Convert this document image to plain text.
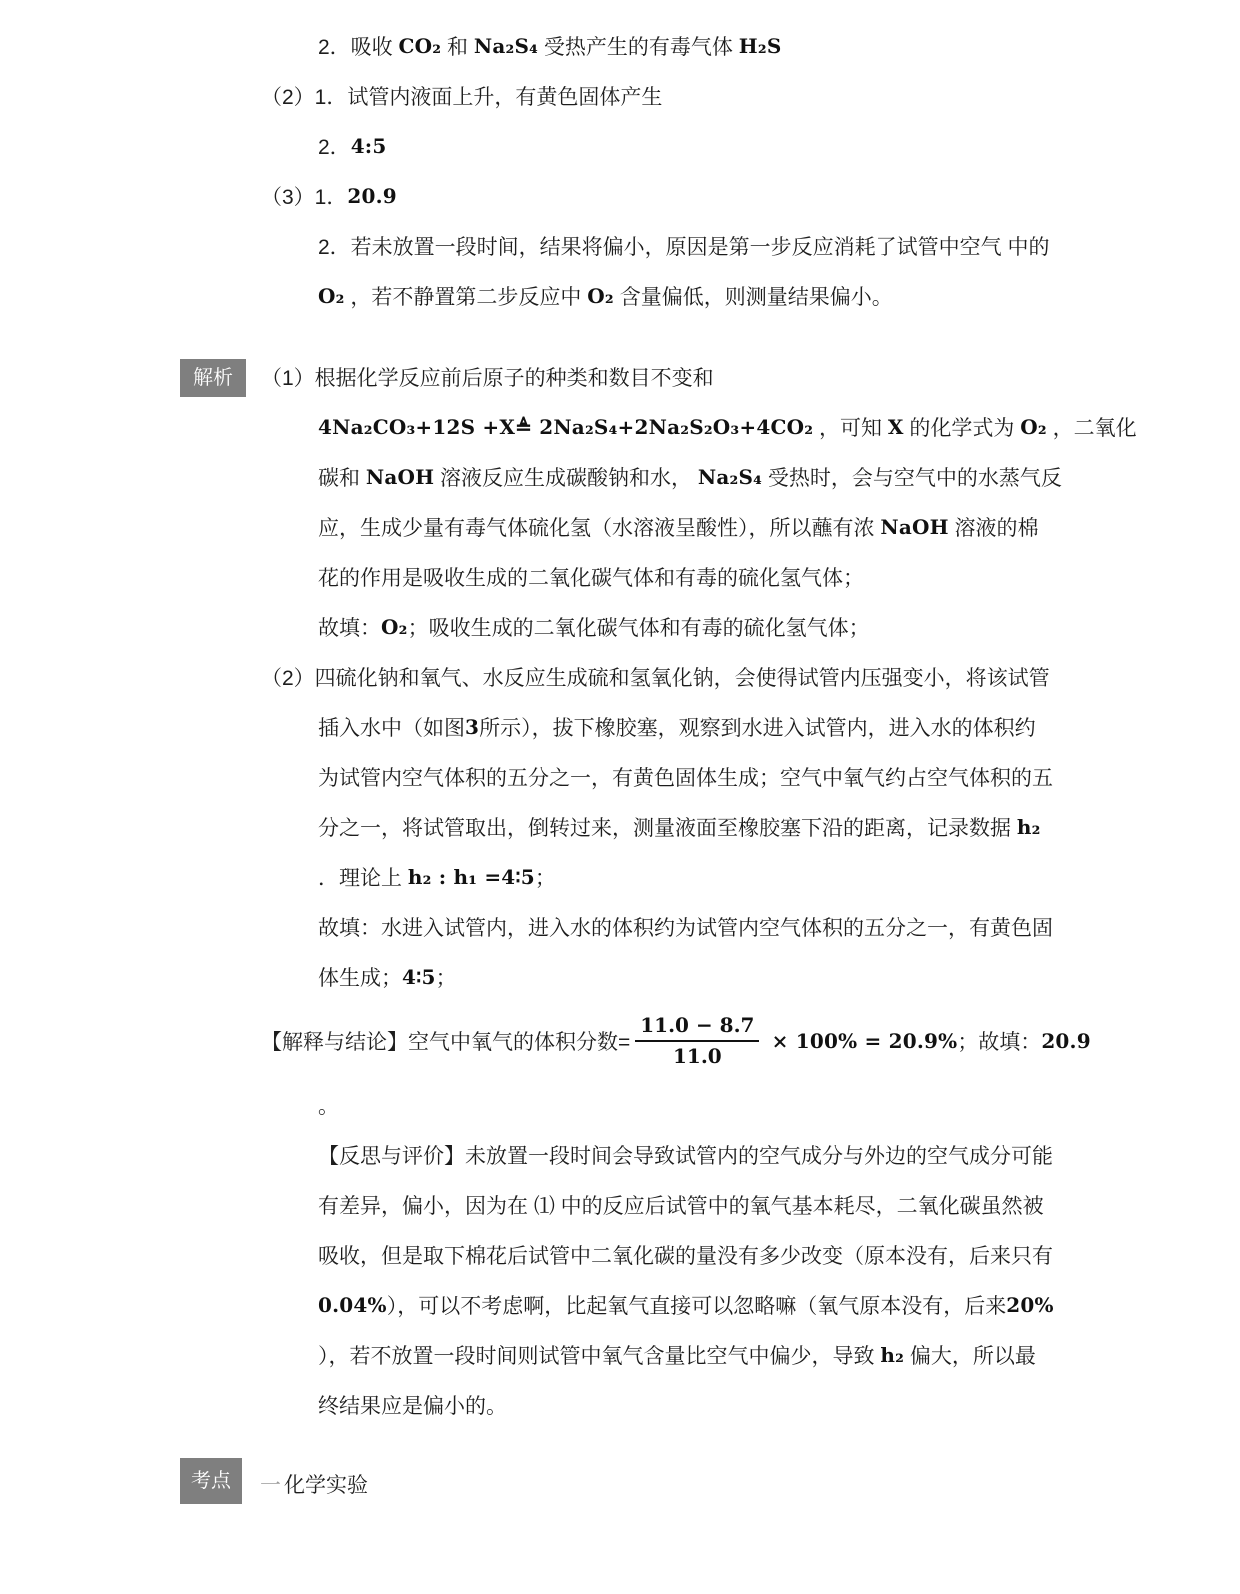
2．吸收 CO₂ 和 Na₂S₄ 受热产生的有毒气体 H₂S
（2）1．试管内液面上升，有黄色固体产生
2． 4:5
（3）1． 20.9
2．若未放置一段时间，结果将偏小，原因是第一步反应消耗了试管中空气 中的
O₂ ，若不静置第二步反应中 O₂ 含量偏低，则测量结果偏小。
解析	（1）根据化学反应前后原子的种类和数目不变和
4Na₂CO₃+12S +X≜ 2Na₂S₄+2Na₂S₂O₃+4CO₂ ，可知 X 的化学式为 O₂ ，二氧化
碳和 NaOH 溶液反应生成碳酸钠和水， Na₂S₄ 受热时，会与空气中的水蒸气反
应，生成少量有毒气体硫化氢（水溶液呈酸性），所以蘸有浓 NaOH 溶液的棉
花的作用是吸收生成的二氧化碳气体和有毒的硫化氢气体；
故填： O₂ ；吸收生成的二氧化碳气体和有毒的硫化氢气体；
（2）四硫化钠和氧气、水反应生成硫和氢氧化钠，会使得试管内压强变小，将该试管
插入水中（如图 3 所示），拔下橡胶塞，观察到水进入试管内，进入水的体积约
为试管内空气体积的五分之一，有黄色固体生成；空气中氧气约占空气体积的五
分之一，将试管取出，倒转过来，测量液面至橡胶塞下沿的距离，记录数据 h₂
．理论上 h₂ : h₁ =4∶5 ；
故填：水进入试管内，进入水的体积约为试管内空气体积的五分之一，有黄色固
体生成； 4∶5 ；
【解释与结论】空气中氧气的体积分数= $\frac{11.0 - 8.7}{11.0} \times 100\% = 20.9\%$ ；故填： 20.9
。
【反思与评价】未放置一段时间会导致试管内的空气成分与外边的空气成分可能
有差异，偏小，因为在 ⑴ 中的反应后试管中的氧气基本耗尽，二氧化碳虽然被
吸收，但是取下棉花后试管中二氧化碳的量没有多少改变（原本没有，后来只有
0.04% ），可以不考虑啊，比起氧气直接可以忽略嘛（氧气原本没有，后来 20%
），若不放置一段时间则试管中氧气含量比空气中偏少，导致 h₂ 偏大，所以最
终结果应是偏小的。
考点	一 化学实验
